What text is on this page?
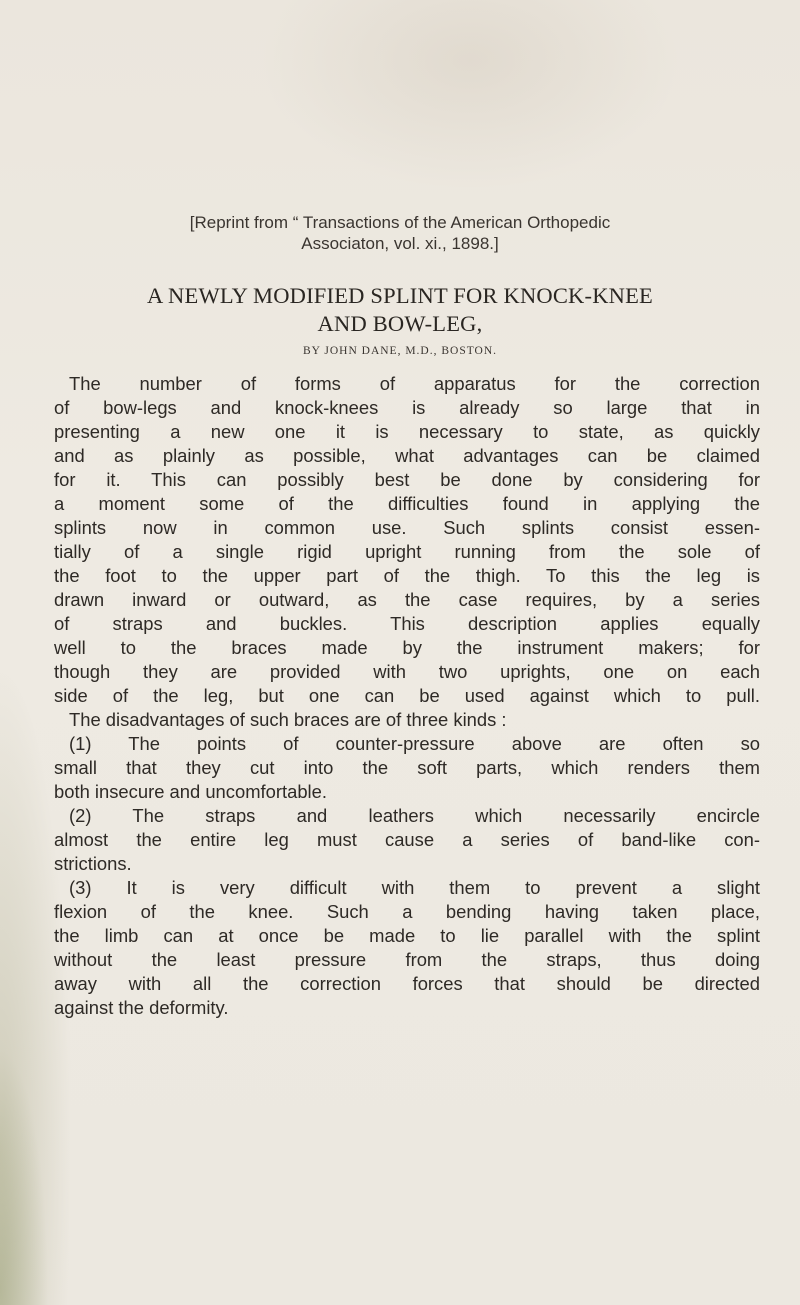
[Reprint from “ Transactions of the American Orthopedic
Associaton, vol. xi., 1898.]
A NEWLY MODIFIED SPLINT FOR KNOCK-KNEE
AND BOW-LEG,
BY JOHN DANE, M.D., BOSTON.
The number of forms of apparatus for the correction
of bow-legs and knock-knees is already so large that in
presenting a new one it is necessary to state, as quickly
and as plainly as possible, what advantages can be claimed
for it. This can possibly best be done by considering for
a moment some of the difficulties found in applying the
splints now in common use. Such splints consist essen-
tially of a single rigid upright running from the sole of
the foot to the upper part of the thigh. To this the leg is
drawn inward or outward, as the case requires, by a series
of straps and buckles. This description applies equally
well to the braces made by the instrument makers; for
though they are provided with two uprights, one on each
side of the leg, but one can be used against which to pull.
The disadvantages of such braces are of three kinds :
(1) The points of counter-pressure above are often so
small that they cut into the soft parts, which renders them
both insecure and uncomfortable.
(2) The straps and leathers which necessarily encircle
almost the entire leg must cause a series of band-like con-
strictions.
(3) It is very difficult with them to prevent a slight
flexion of the knee. Such a bending having taken place,
the limb can at once be made to lie parallel with the splint
without the least pressure from the straps, thus doing
away with all the correction forces that should be directed
against the deformity.
